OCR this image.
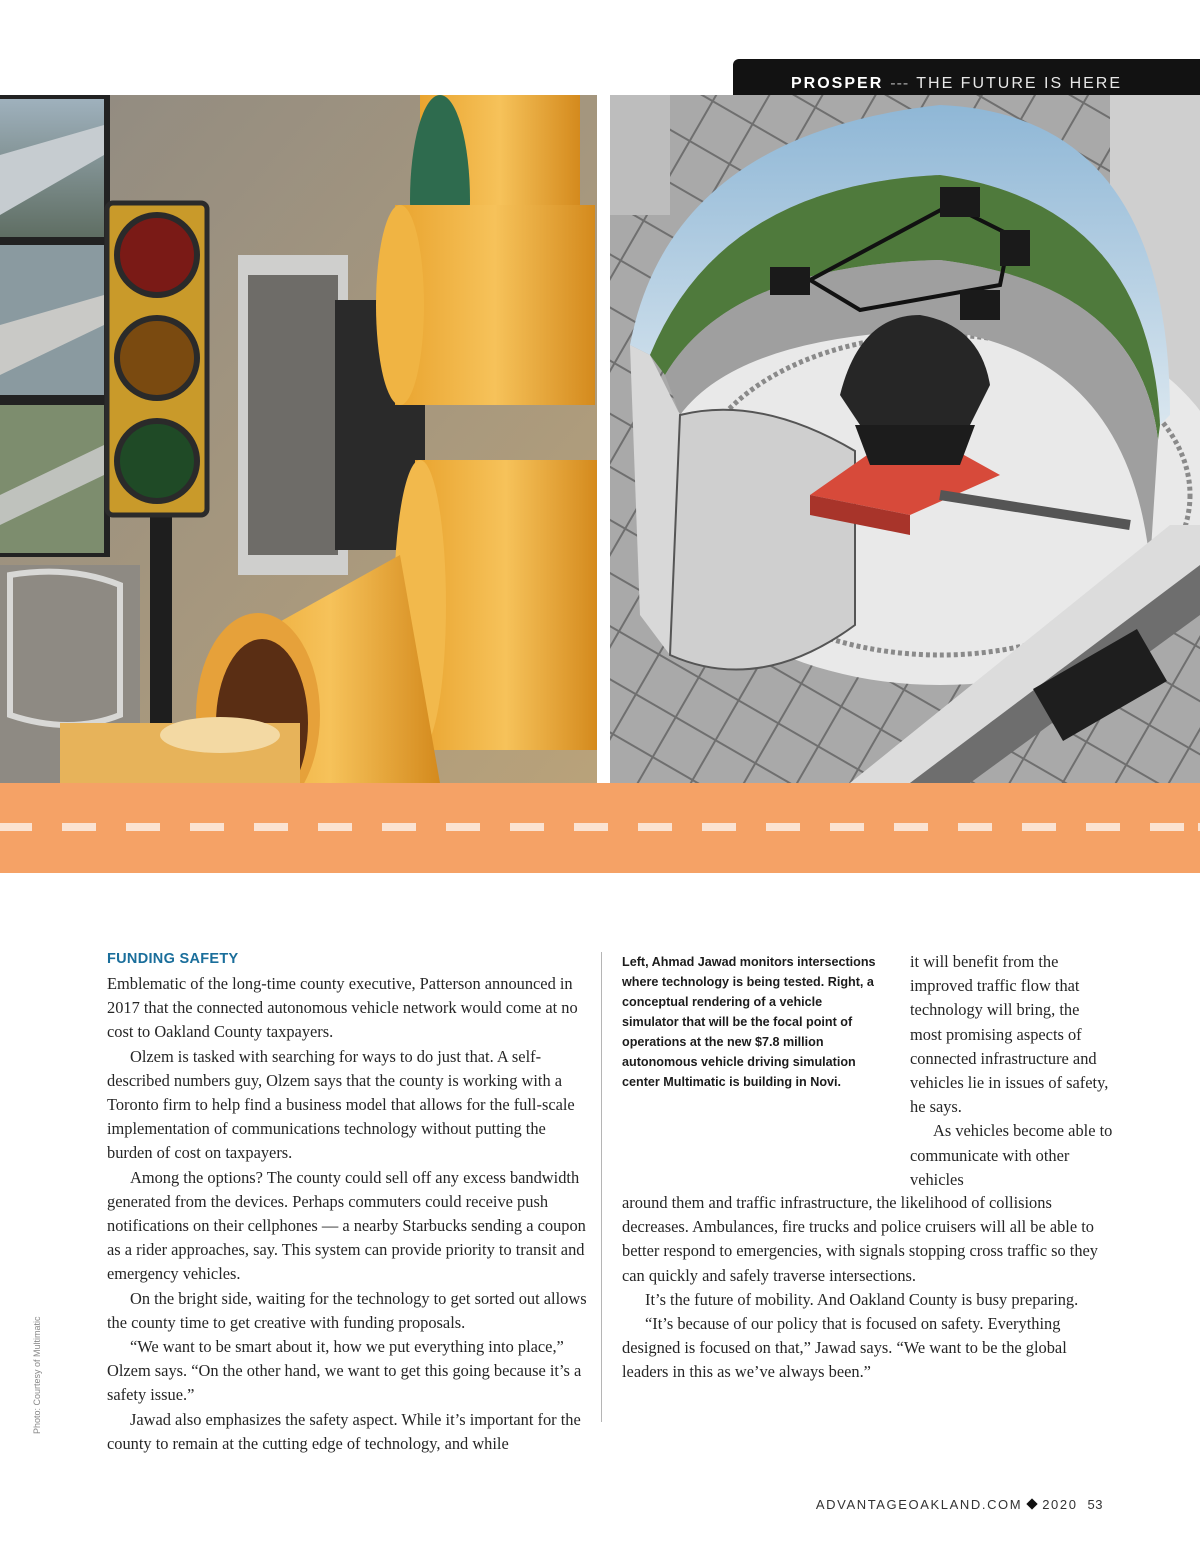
PROSPER --- THE FUTURE IS HERE
FUNDING SAFETY

Emblematic of the long-time county executive, Patterson announced in 2017 that the connected autonomous vehicle network would come at no cost to Oakland County taxpayers.

Olzem is tasked with searching for ways to do just that. A self-described numbers guy, Olzem says that the county is working with a Toronto firm to help find a business model that allows for the full-scale implementation of communications technology without putting the burden of cost on taxpayers.

Among the options? The county could sell off any excess bandwidth generated from the devices. Perhaps commuters could receive push notifications on their cellphones — a nearby Starbucks sending a coupon as a rider approaches, say. This system can provide priority to transit and emergency vehicles.

On the bright side, waiting for the technology to get sorted out allows the county time to get creative with funding proposals.

“We want to be smart about it, how we put everything into place,” Olzem says. “On the other hand, we want to get this going because it’s a safety issue.”

Jawad also emphasizes the safety aspect. While it’s important for the county to remain at the cutting edge of technology, and while

Left, Ahmad Jawad monitors intersections where technology is being tested. Right, a conceptual rendering of a vehicle simulator that will be the focal point of operations at the new $7.8 million autonomous vehicle driving simulation center Multimatic is building in Novi.

it will benefit from the improved traffic flow that technology will bring, the most promising aspects of connected infrastructure and vehicles lie in issues of safety, he says.

As vehicles become able to communicate with other vehicles

around them and traffic infrastructure, the likelihood of collisions decreases. Ambulances, fire trucks and police cruisers will all be able to better respond to emergencies, with signals stopping cross traffic so they can quickly and safely traverse intersections.

It’s the future of mobility. And Oakland County is busy preparing.

“It’s because of our policy that is focused on safety. Everything designed is focused on that,” Jawad says. “We want to be the global leaders in this as we’ve always been.”

Photo: Courtesy of Multimatic
ADVANTAGEOAKLAND.COM 2020 53
